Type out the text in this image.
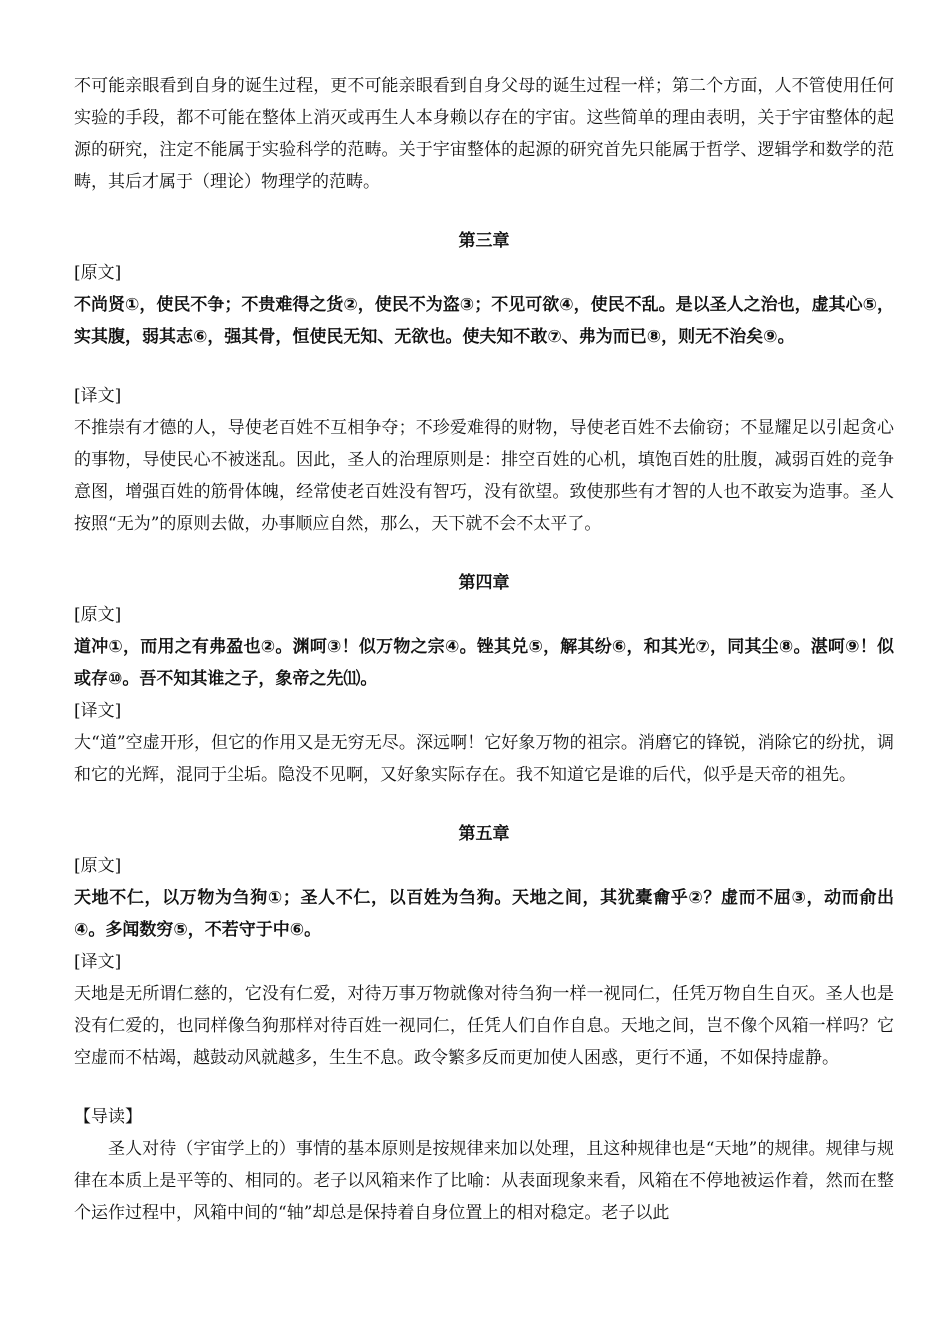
不可能亲眼看到自身的诞生过程，更不可能亲眼看到自身父母的诞生过程一样；第二个方面，人不管使用任何实验的手段，都不可能在整体上消灭或再生人本身赖以存在的宇宙。这些简单的理由表明，关于宇宙整体的起源的研究，注定不能属于实验科学的范畴。关于宇宙整体的起源的研究首先只能属于哲学、逻辑学和数学的范畴，其后才属于（理论）物理学的范畴。

第三章
[原文]

不尚贤①，使民不争；不贵难得之货②，使民不为盗③；不见可欲④，使民不乱。是以圣人之治也，虚其心⑤，实其腹，弱其志⑥，强其骨，恒使民无知、无欲也。使夫知不敢⑦、弗为而已⑧，则无不治矣⑨。

[译文]

不推崇有才德的人，导使老百姓不互相争夺；不珍爱难得的财物，导使老百姓不去偷窃；不显耀足以引起贪心的事物，导使民心不被迷乱。因此，圣人的治理原则是：排空百姓的心机，填饱百姓的肚腹，减弱百姓的竞争意图，增强百姓的筋骨体魄，经常使老百姓没有智巧，没有欲望。致使那些有才智的人也不敢妄为造事。圣人按照“无为”的原则去做，办事顺应自然，那么，天下就不会不太平了。

第四章
[原文]

道冲①，而用之有弗盈也②。渊呵③！似万物之宗④。锉其兑⑤，解其纷⑥，和其光⑦，同其尘⑧。湛呵⑨！似或存⑩。吾不知其谁之子，象帝之先⑾。

[译文]

大“道”空虚开形，但它的作用又是无穷无尽。深远啊！它好象万物的祖宗。消磨它的锋锐，消除它的纷扰，调和它的光辉，混同于尘垢。隐没不见啊，又好象实际存在。我不知道它是谁的后代，似乎是天帝的祖先。

第五章
[原文]

天地不仁，以万物为刍狗①；圣人不仁，以百姓为刍狗。天地之间，其犹橐龠乎②？虚而不屈③，动而俞出④。多闻数穷⑤，不若守于中⑥。

[译文]

天地是无所谓仁慈的，它没有仁爱，对待万事万物就像对待刍狗一样一视同仁，任凭万物自生自灭。圣人也是没有仁爱的，也同样像刍狗那样对待百姓一视同仁，任凭人们自作自息。天地之间，岂不像个风箱一样吗？它空虚而不枯竭，越鼓动风就越多，生生不息。政令繁多反而更加使人困惑，更行不通，不如保持虚静。

【导读】

圣人对待（宇宙学上的）事情的基本原则是按规律来加以处理，且这种规律也是“天地”的规律。规律与规律在本质上是平等的、相同的。老子以风箱来作了比喻：从表面现象来看，风箱在不停地被运作着，然而在整个运作过程中，风箱中间的“轴”却总是保持着自身位置上的相对稳定。老子以此
